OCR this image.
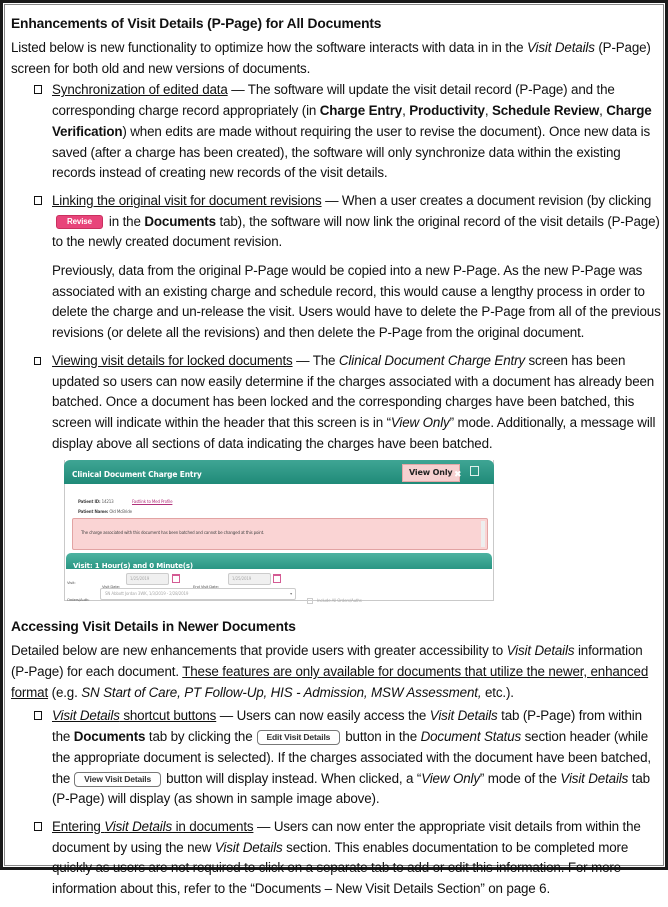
Enhancements of Visit Details (P-Page) for All Documents

Listed below is new functionality to optimize how the software interacts with data in in the Visit Details (P-Page) screen for both old and new versions of documents.

Synchronization of edited data — The software will update the visit detail record (P-Page) and the corresponding charge record appropriately (in Charge Entry, Productivity, Schedule Review, Charge Verification) when edits are made without requiring the user to revise the document). Once new data is saved (after a charge has been created), the software will only synchronize data within the existing records instead of creating new records of the visit details.
Linking the original visit for document revisions — When a user creates a document revision (by clickingRevise in the Documents tab), the software will now link the original record of the visit details (P-Page) to the newly created document revision.

Previously, data from the original P-Page would be copied into a new P-Page. As the new P-Page was associated with an existing charge and schedule record, this would cause a lengthy process in order to delete the charge and un-release the visit. Users would have to delete the P-Page from all of the previous revisions (or delete all the revisions) and then delete the P-Page from the original document.

Viewing visit details for locked documents — The Clinical Document Charge Entry screen has been updated so users can now easily determine if the charges associated with a document has already been batched. Once a document has been locked and the corresponding charges have been batched, this screen will indicate within the header that this screen is in “View Only” mode. Additionally, a message will display above all sections of data indicating the charges have been batched.
Clinical Document Charge Entry	View Only ✖
Patient ID: 14213	Fastlink to Med Profile
Patient Name: Old McBride
The charge associated with this document has been batched and cannot be changed at this point.
Visit: 1 Hour(s) and 0 Minute(s)
Visit:
Visit Date:
1/25/2019
End Visit Date:
1/25/2019
Orders/Auth:
SN Abbott Jordan 3WK, 1/3/2019 - 2/28/2019	▾
Include All Orders/Auths
Accessing Visit Details in Newer Documents

Detailed below are new enhancements that provide users with greater accessibility to Visit Details information (P-Page) for each document. These features are only available for documents that utilize the newer, enhanced format (e.g. SN Start of Care, PT Follow-Up, HIS - Admission, MSW Assessment, etc.).

Visit Details shortcut buttons — Users can now easily access the Visit Details tab (P-Page) from within the Documents tab by clicking the Edit Visit Details button in the Document Status section header (while the appropriate document is selected). If the charges associated with the document have been batched, the View Visit Details button will display instead. When clicked, a “View Only” mode of the Visit Details tab (P-Page) will display (as shown in sample image above).
Entering Visit Details in documents — Users can now enter the appropriate visit details from within the document by using the new Visit Details section. This enables documentation to be completed more quickly as users are not required to click on a separate tab to add or edit this information. For more information about this, refer to the “Documents – New Visit Details Section” on page 6.
